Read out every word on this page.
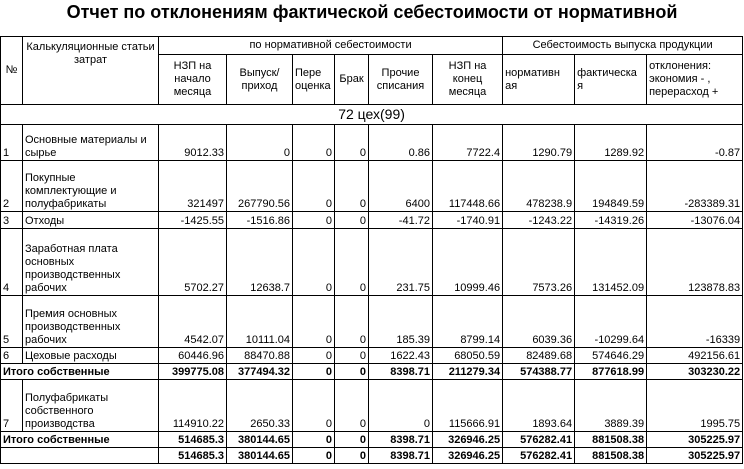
Отчет по отклонениям фактической себестоимости от нормативной
№	Калькуляционные статьи затрат	по нормативной себестоимости						Себестоимость выпуска продукции		
		НЗП на начало месяца	Выпуск/ приход	Пере оценка	Брак	Прочие списания	НЗП на конец месяца	нормативн ая	фактическа я	отклонения: экономия - , перерасход +
72 цех(99)										
1	Основные материалы и сырье	9012.33	0	0	0	0.86	7722.4	1290.79	1289.92	-0.87
2	Покупные комплектующие и полуфабрикаты	321497	267790.56	0	0	6400	117448.66	478238.9	194849.59	-283389.31
3	Отходы	-1425.55	-1516.86	0	0	-41.72	-1740.91	-1243.22	-14319.26	-13076.04
4	Заработная плата основных производственных рабочих	5702.27	12638.7	0	0	231.75	10999.46	7573.26	131452.09	123878.83
5	Премия основных производственных рабочих	4542.07	10111.04	0	0	185.39	8799.14	6039.36	-10299.64	-16339
6	Цеховые расходы	60446.96	88470.88	0	0	1622.43	68050.59	82489.68	574646.29	492156.61
Итого собственные		399775.08	377494.32	0	0	8398.71	211279.34	574388.77	877618.99	303230.22
7	Полуфабрикаты собственного производства	114910.22	2650.33	0	0	0	115666.91	1893.64	3889.39	1995.75
Итого собственные		514685.3	380144.65	0	0	8398.71	326946.25	576282.41	881508.38	305225.97
		514685.3	380144.65	0	0	8398.71	326946.25	576282.41	881508.38	305225.97
